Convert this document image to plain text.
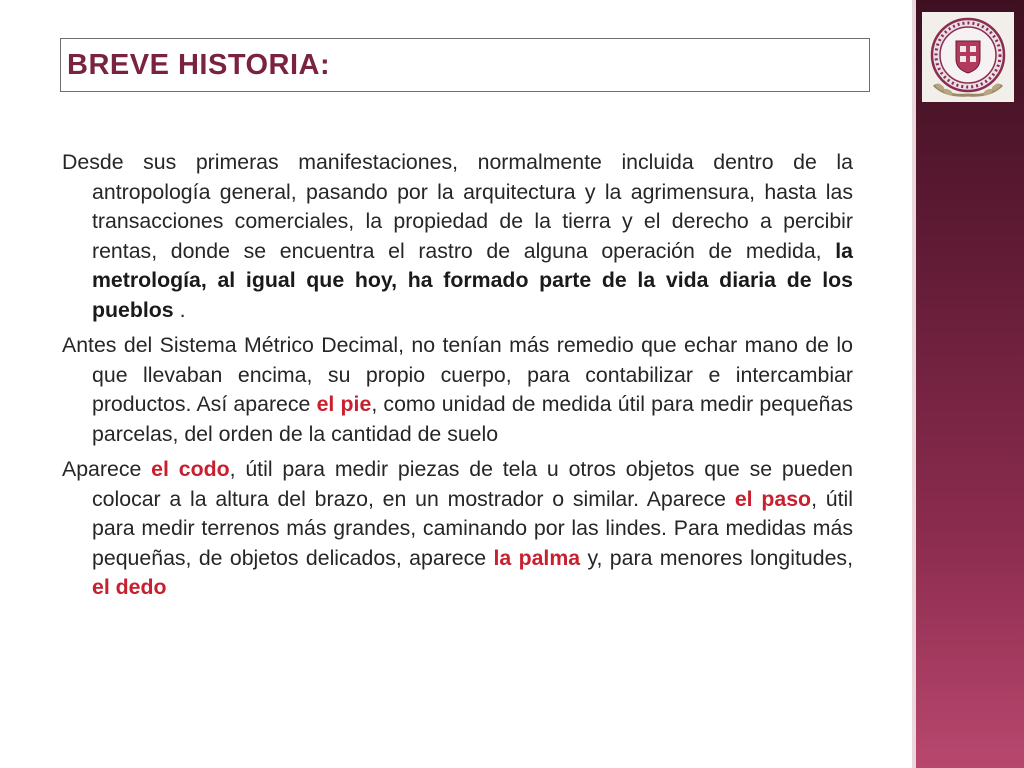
BREVE HISTORIA:

Desde sus primeras manifestaciones, normalmente incluida dentro de la antropología general, pasando por la arquitectura y la agrimensura, hasta las transacciones comerciales, la propiedad de la tierra y el derecho a percibir rentas, donde se encuentra el rastro de alguna operación de medida, la metrología, al igual que hoy, ha formado parte de la vida diaria de los pueblos .

Antes del Sistema Métrico Decimal, no tenían más remedio que echar mano de lo que llevaban encima, su propio cuerpo, para contabilizar e intercambiar productos. Así aparece el pie, como unidad de medida útil para medir pequeñas parcelas, del orden de la cantidad de suelo

Aparece el codo, útil para medir piezas de tela u otros objetos que se pueden colocar a la altura del brazo, en un mostrador o similar. Aparece el paso, útil para medir terrenos más grandes, caminando por las lindes. Para medidas más pequeñas, de objetos delicados, aparece la palma y, para menores longitudes, el dedo
